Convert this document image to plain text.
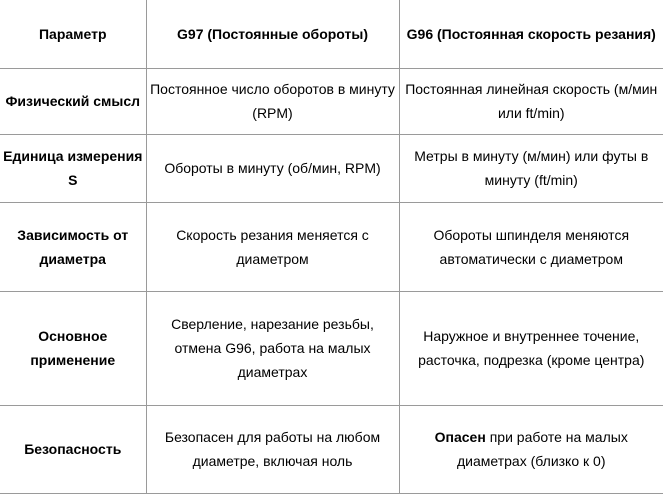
Параметр	G97 (Постоянные обороты)	G96 (Постоянная скорость резания)
Физический смысл	Постоянное число оборотов в минуту (RPM)	Постоянная линейная скорость (м/мин или ft/min)
Единица измерения S	Обороты в минуту (об/мин, RPM)	Метры в минуту (м/мин) или футы в минуту (ft/min)
Зависимость от диаметра	Скорость резания меняется с диаметром	Обороты шпинделя меняются автоматически с диаметром
Основное применение	Сверление, нарезание резьбы, отмена G96, работа на малых диаметрах	Наружное и внутреннее точение, расточка, подрезка (кроме центра)
Безопасность	Безопасен для работы на любом диаметре, включая ноль	Опасен при работе на малых диаметрах (близко к 0)
